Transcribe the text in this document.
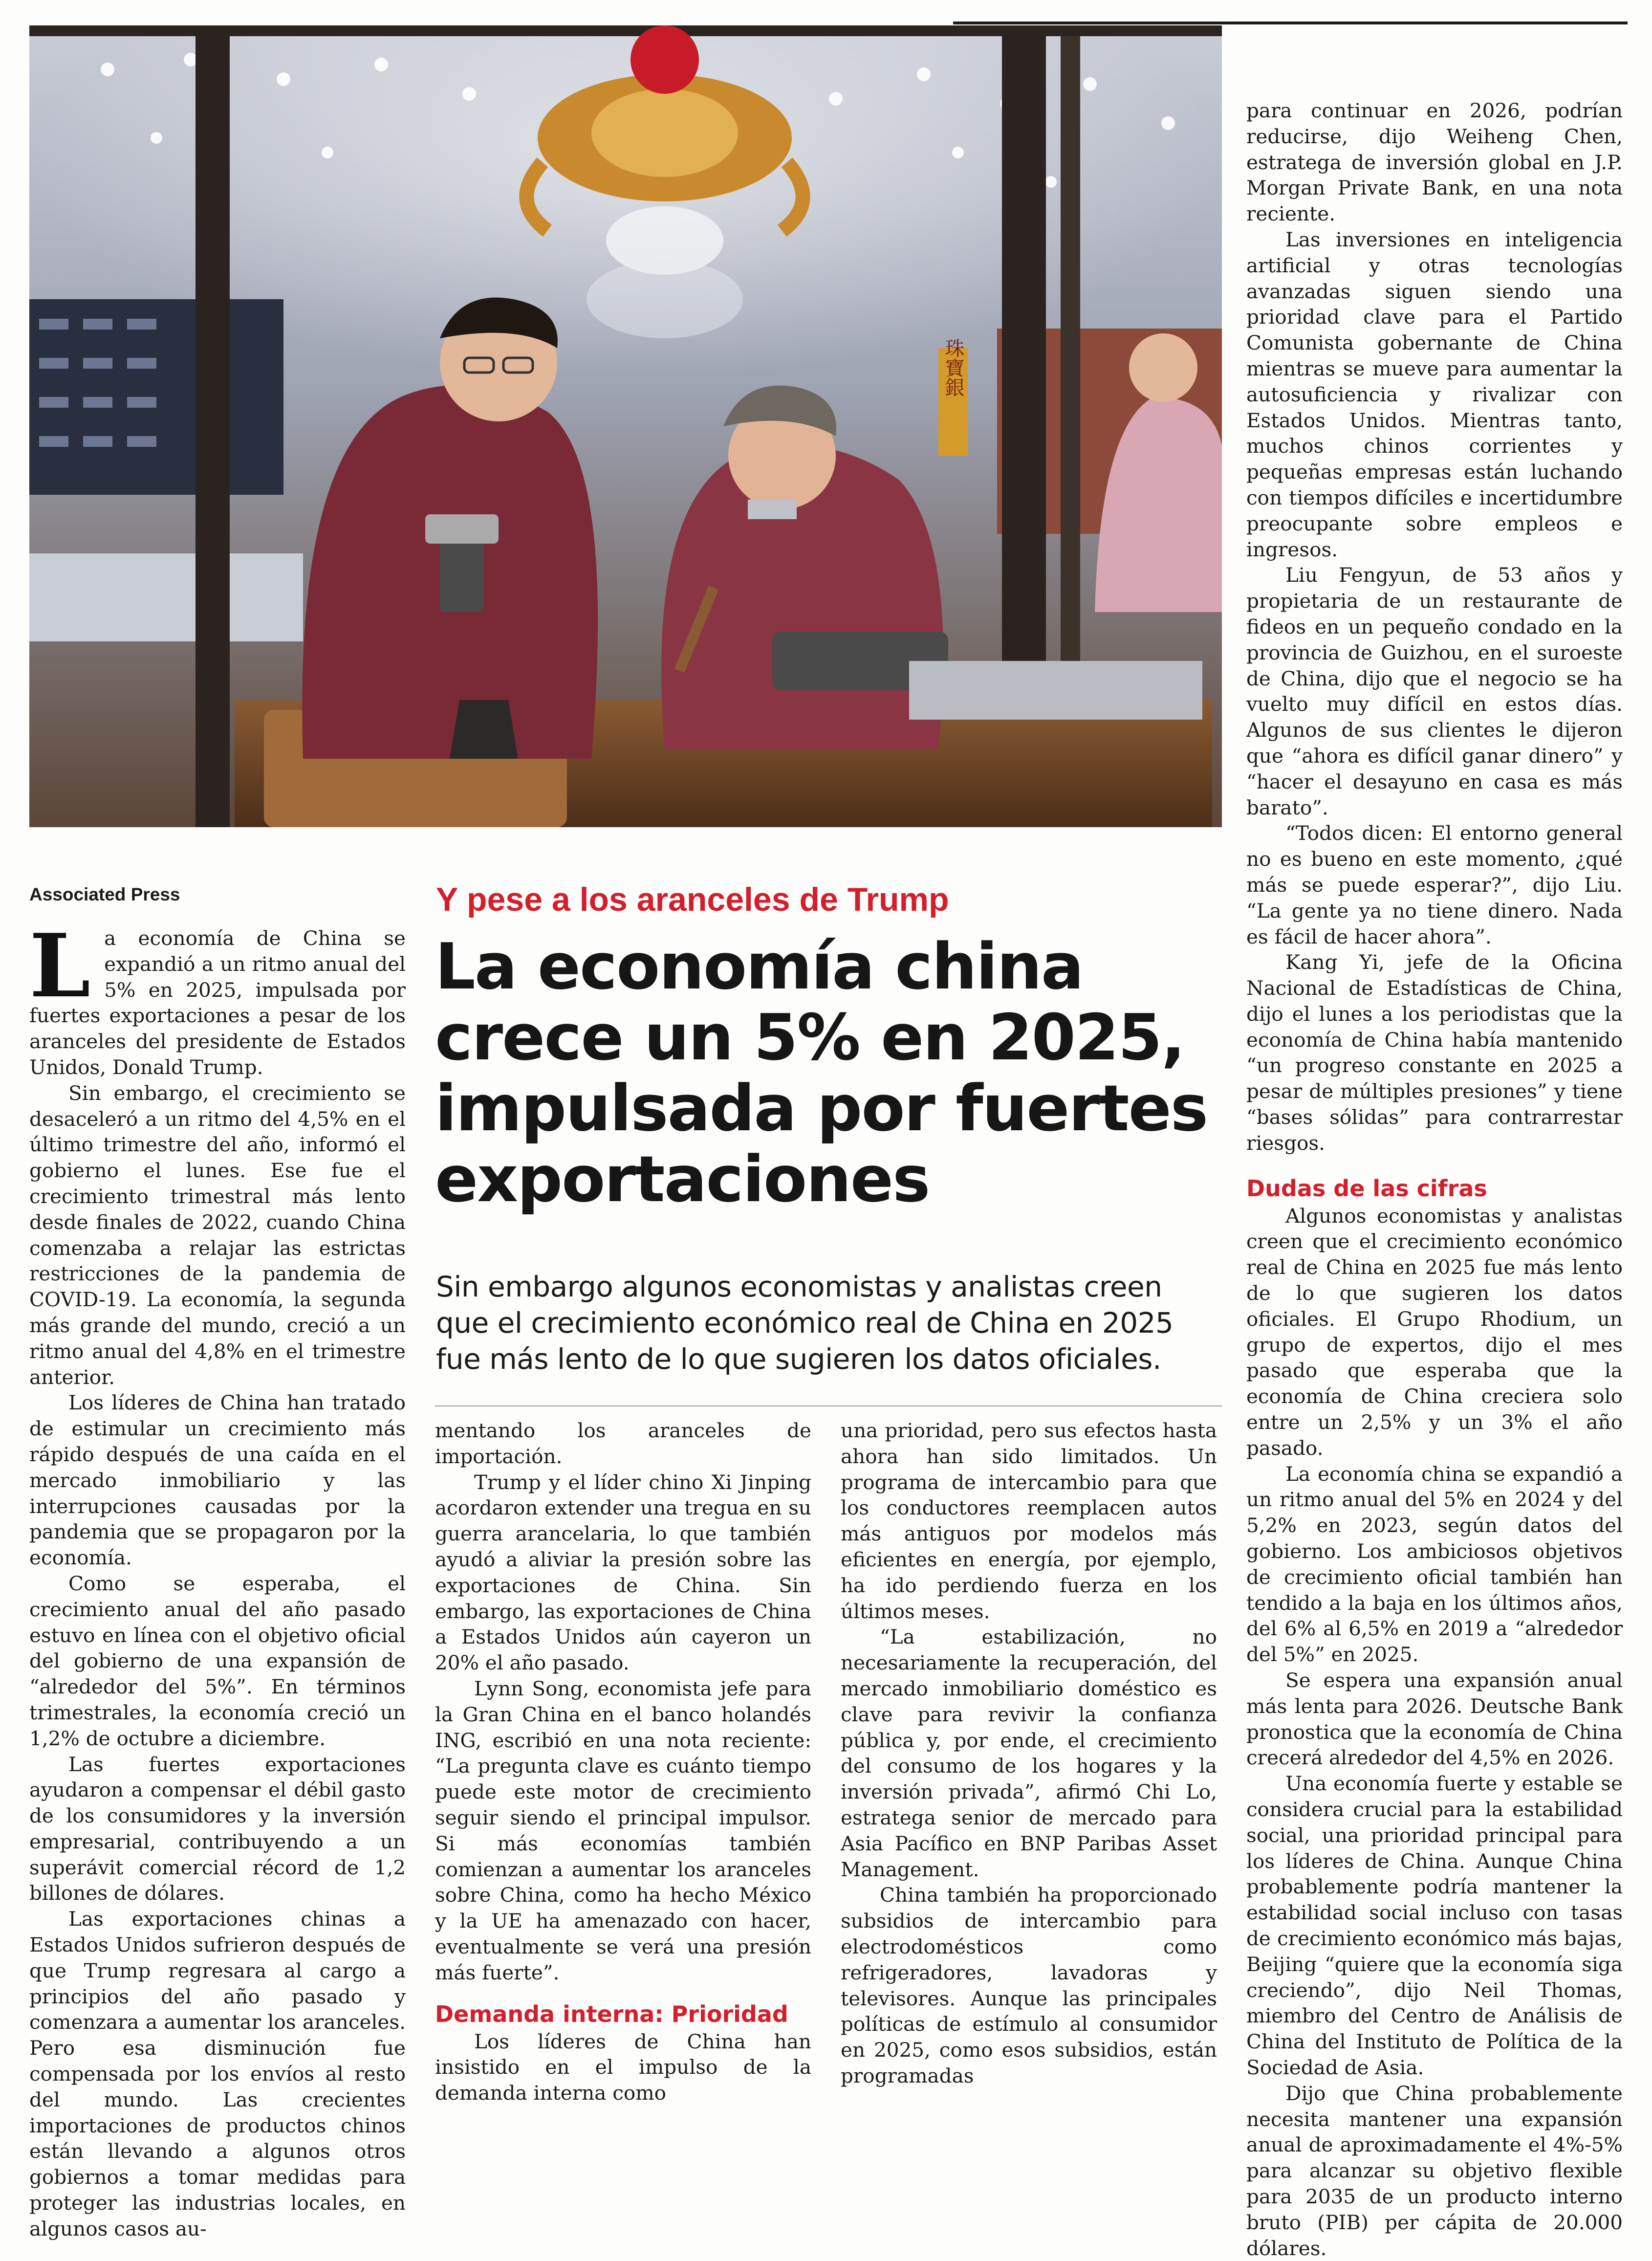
珠寶銀
Associated Press	Y pese a los aranceles de Trump
La economía china crece un 5% en 2025, impulsada por fuertes exportaciones
Sin embargo algunos economistas y analistas creen que el crecimiento económico real de China en 2025 fue más lento de lo que sugieren los datos oficiales.

La economía de China se expandió a un ritmo anual del 5% en 2025, impulsada por fuertes exportaciones a pesar de los aranceles del presidente de Estados Unidos, Donald Trump.

Sin embargo, el crecimiento se desaceleró a un ritmo del 4,5% en el último trimestre del año, informó el gobierno el lunes. Ese fue el crecimiento trimestral más lento desde finales de 2022, cuando China comenzaba a relajar las estrictas restricciones de la pandemia de COVID-19. La economía, la segunda más grande del mundo, creció a un ritmo anual del 4,8% en el trimestre anterior.

Los líderes de China han tratado de estimular un crecimiento más rápido después de una caída en el mercado inmobiliario y las interrupciones causadas por la pandemia que se propagaron por la economía.

Como se esperaba, el crecimiento anual del año pasado estuvo en línea con el objetivo oficial del gobierno de una expansión de “alrededor del 5%”. En términos trimestrales, la economía creció un 1,2% de octubre a diciembre.

Las fuertes exportaciones ayudaron a compensar el débil gasto de los consumidores y la inversión empresarial, contribuyendo a un superávit comercial récord de 1,2 billones de dólares.

Las exportaciones chinas a Estados Unidos sufrieron después de que Trump regresara al cargo a principios del año pasado y comenzara a aumentar los aranceles. Pero esa disminución fue compensada por los envíos al resto del mundo. Las crecientes importaciones de productos chinos están llevando a algunos otros gobiernos a tomar medidas para proteger las industrias locales, en algunos casos au-

mentando los aranceles de importación.

Trump y el líder chino Xi Jinping acordaron extender una tregua en su guerra arancelaria, lo que también ayudó a aliviar la presión sobre las exportaciones de China. Sin embargo, las exportaciones de China a Estados Unidos aún cayeron un 20% el año pasado.

Lynn Song, economista jefe para la Gran China en el banco holandés ING, escribió en una nota reciente: “La pregunta clave es cuánto tiempo puede este motor de crecimiento seguir siendo el principal impulsor. Si más economías también comienzan a aumentar los aranceles sobre China, como ha hecho México y la UE ha amenazado con hacer, eventualmente se verá una presión más fuerte”.

Demanda interna: Prioridad

Los líderes de China han insistido en el impulso de la demanda interna como

una prioridad, pero sus efectos hasta ahora han sido limitados. Un programa de intercambio para que los conductores reemplacen autos más antiguos por modelos más eficientes en energía, por ejemplo, ha ido perdiendo fuerza en los últimos meses.

“La estabilización, no necesariamente la recuperación, del mercado inmobiliario doméstico es clave para revivir la confianza pública y, por ende, el crecimiento del consumo de los hogares y la inversión privada”, afirmó Chi Lo, estratega senior de mercado para Asia Pacífico en BNP Paribas Asset Management.

China también ha proporcionado subsidios de intercambio para electrodomésticos como refrigeradores, lavadoras y televisores. Aunque las principales políticas de estímulo al consumidor en 2025, como esos subsidios, están programadas

para continuar en 2026, podrían reducirse, dijo Weiheng Chen, estratega de inversión global en J.P. Morgan Private Bank, en una nota reciente.

Las inversiones en inteligencia artificial y otras tecnologías avanzadas siguen siendo una prioridad clave para el Partido Comunista gobernante de China mientras se mueve para aumentar la autosuficiencia y rivalizar con Estados Unidos. Mientras tanto, muchos chinos corrientes y pequeñas empresas están luchando con tiempos difíciles e incertidumbre preocupante sobre empleos e ingresos.

Liu Fengyun, de 53 años y propietaria de un restaurante de fideos en un pequeño condado en la provincia de Guizhou, en el suroeste de China, dijo que el negocio se ha vuelto muy difícil en estos días. Algunos de sus clientes le dijeron que “ahora es difícil ganar dinero” y “hacer el desayuno en casa es más barato”.

“Todos dicen: El entorno general no es bueno en este momento, ¿qué más se puede esperar?”, dijo Liu. “La gente ya no tiene dinero. Nada es fácil de hacer ahora”.

Kang Yi, jefe de la Oficina Nacional de Estadísticas de China, dijo el lunes a los periodistas que la economía de China había mantenido “un progreso constante en 2025 a pesar de múltiples presiones” y tiene “bases sólidas” para contrarrestar riesgos.

Dudas de las cifras

Algunos economistas y analistas creen que el crecimiento económico real de China en 2025 fue más lento de lo que sugieren los datos oficiales. El Grupo Rhodium, un grupo de expertos, dijo el mes pasado que esperaba que la economía de China creciera solo entre un 2,5% y un 3% el año pasado.

La economía china se expandió a un ritmo anual del 5% en 2024 y del 5,2% en 2023, según datos del gobierno. Los ambiciosos objetivos de crecimiento oficial también han tendido a la baja en los últimos años, del 6% al 6,5% en 2019 a “alrededor del 5%” en 2025.

Se espera una expansión anual más lenta para 2026. Deutsche Bank pronostica que la economía de China crecerá alrededor del 4,5% en 2026.

Una economía fuerte y estable se considera crucial para la estabilidad social, una prioridad principal para los líderes de China. Aunque China probablemente podría mantener la estabilidad social incluso con tasas de crecimiento económico más bajas, Beijing “quiere que la economía siga creciendo”, dijo Neil Thomas, miembro del Centro de Análisis de China del Instituto de Política de la Sociedad de Asia.

Dijo que China probablemente necesita mantener una expansión anual de aproximadamente el 4%-5% para alcanzar su objetivo flexible para 2035 de un producto interno bruto (PIB) per cápita de 20.000 dólares.
